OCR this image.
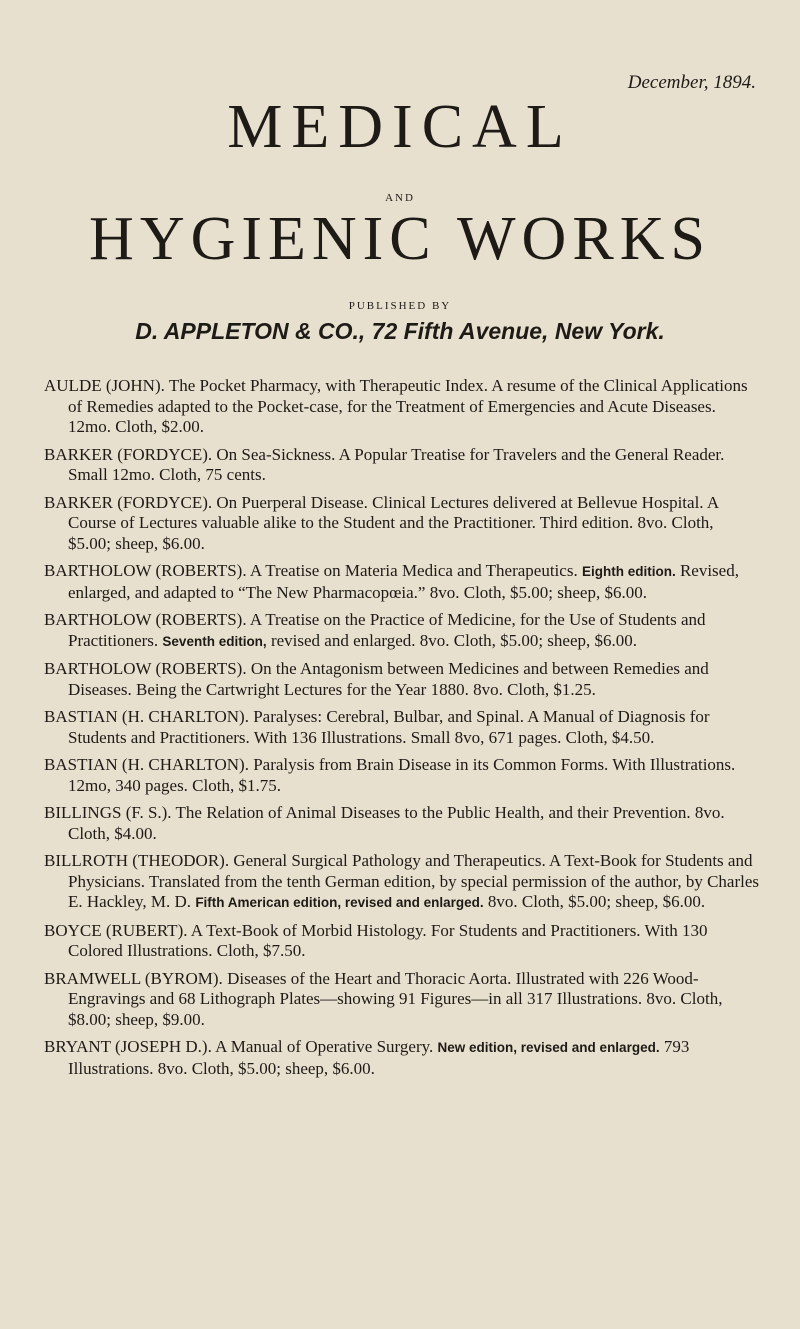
December, 1894.
MEDICAL
AND
HYGIENIC WORKS
PUBLISHED BY
D. APPLETON & CO., 72 Fifth Avenue, New York.
AULDE (JOHN). The Pocket Pharmacy, with Therapeutic Index. A resume of the Clinical Applications of Remedies adapted to the Pocket-case, for the Treatment of Emergencies and Acute Diseases. 12mo. Cloth, $2.00.
BARKER (FORDYCE). On Sea-Sickness. A Popular Treatise for Travelers and the General Reader. Small 12mo. Cloth, 75 cents.
BARKER (FORDYCE). On Puerperal Disease. Clinical Lectures delivered at Bellevue Hospital. A Course of Lectures valuable alike to the Student and the Practitioner. Third edition. 8vo. Cloth, $5.00; sheep, $6.00.
BARTHOLOW (ROBERTS). A Treatise on Materia Medica and Therapeutics. Eighth edition. Revised, enlarged, and adapted to “The New Pharmacopœia.” 8vo. Cloth, $5.00; sheep, $6.00.
BARTHOLOW (ROBERTS). A Treatise on the Practice of Medicine, for the Use of Students and Practitioners. Seventh edition, revised and enlarged. 8vo. Cloth, $5.00; sheep, $6.00.
BARTHOLOW (ROBERTS). On the Antagonism between Medicines and between Remedies and Diseases. Being the Cartwright Lectures for the Year 1880. 8vo. Cloth, $1.25.
BASTIAN (H. CHARLTON). Paralyses: Cerebral, Bulbar, and Spinal. A Manual of Diagnosis for Students and Practitioners. With 136 Illustrations. Small 8vo, 671 pages. Cloth, $4.50.
BASTIAN (H. CHARLTON). Paralysis from Brain Disease in its Common Forms. With Illustrations. 12mo, 340 pages. Cloth, $1.75.
BILLINGS (F. S.). The Relation of Animal Diseases to the Public Health, and their Prevention. 8vo. Cloth, $4.00.
BILLROTH (THEODOR). General Surgical Pathology and Therapeutics. A Text-Book for Students and Physicians. Translated from the tenth German edition, by special permission of the author, by Charles E. Hackley, M. D. Fifth American edition, revised and enlarged. 8vo. Cloth, $5.00; sheep, $6.00.
BOYCE (RUBERT). A Text-Book of Morbid Histology. For Students and Practitioners. With 130 Colored Illustrations. Cloth, $7.50.
BRAMWELL (BYROM). Diseases of the Heart and Thoracic Aorta. Illustrated with 226 Wood-Engravings and 68 Lithograph Plates—showing 91 Figures—in all 317 Illustrations. 8vo. Cloth, $8.00; sheep, $9.00.
BRYANT (JOSEPH D.). A Manual of Operative Surgery. New edition, revised and enlarged. 793 Illustrations. 8vo. Cloth, $5.00; sheep, $6.00.
